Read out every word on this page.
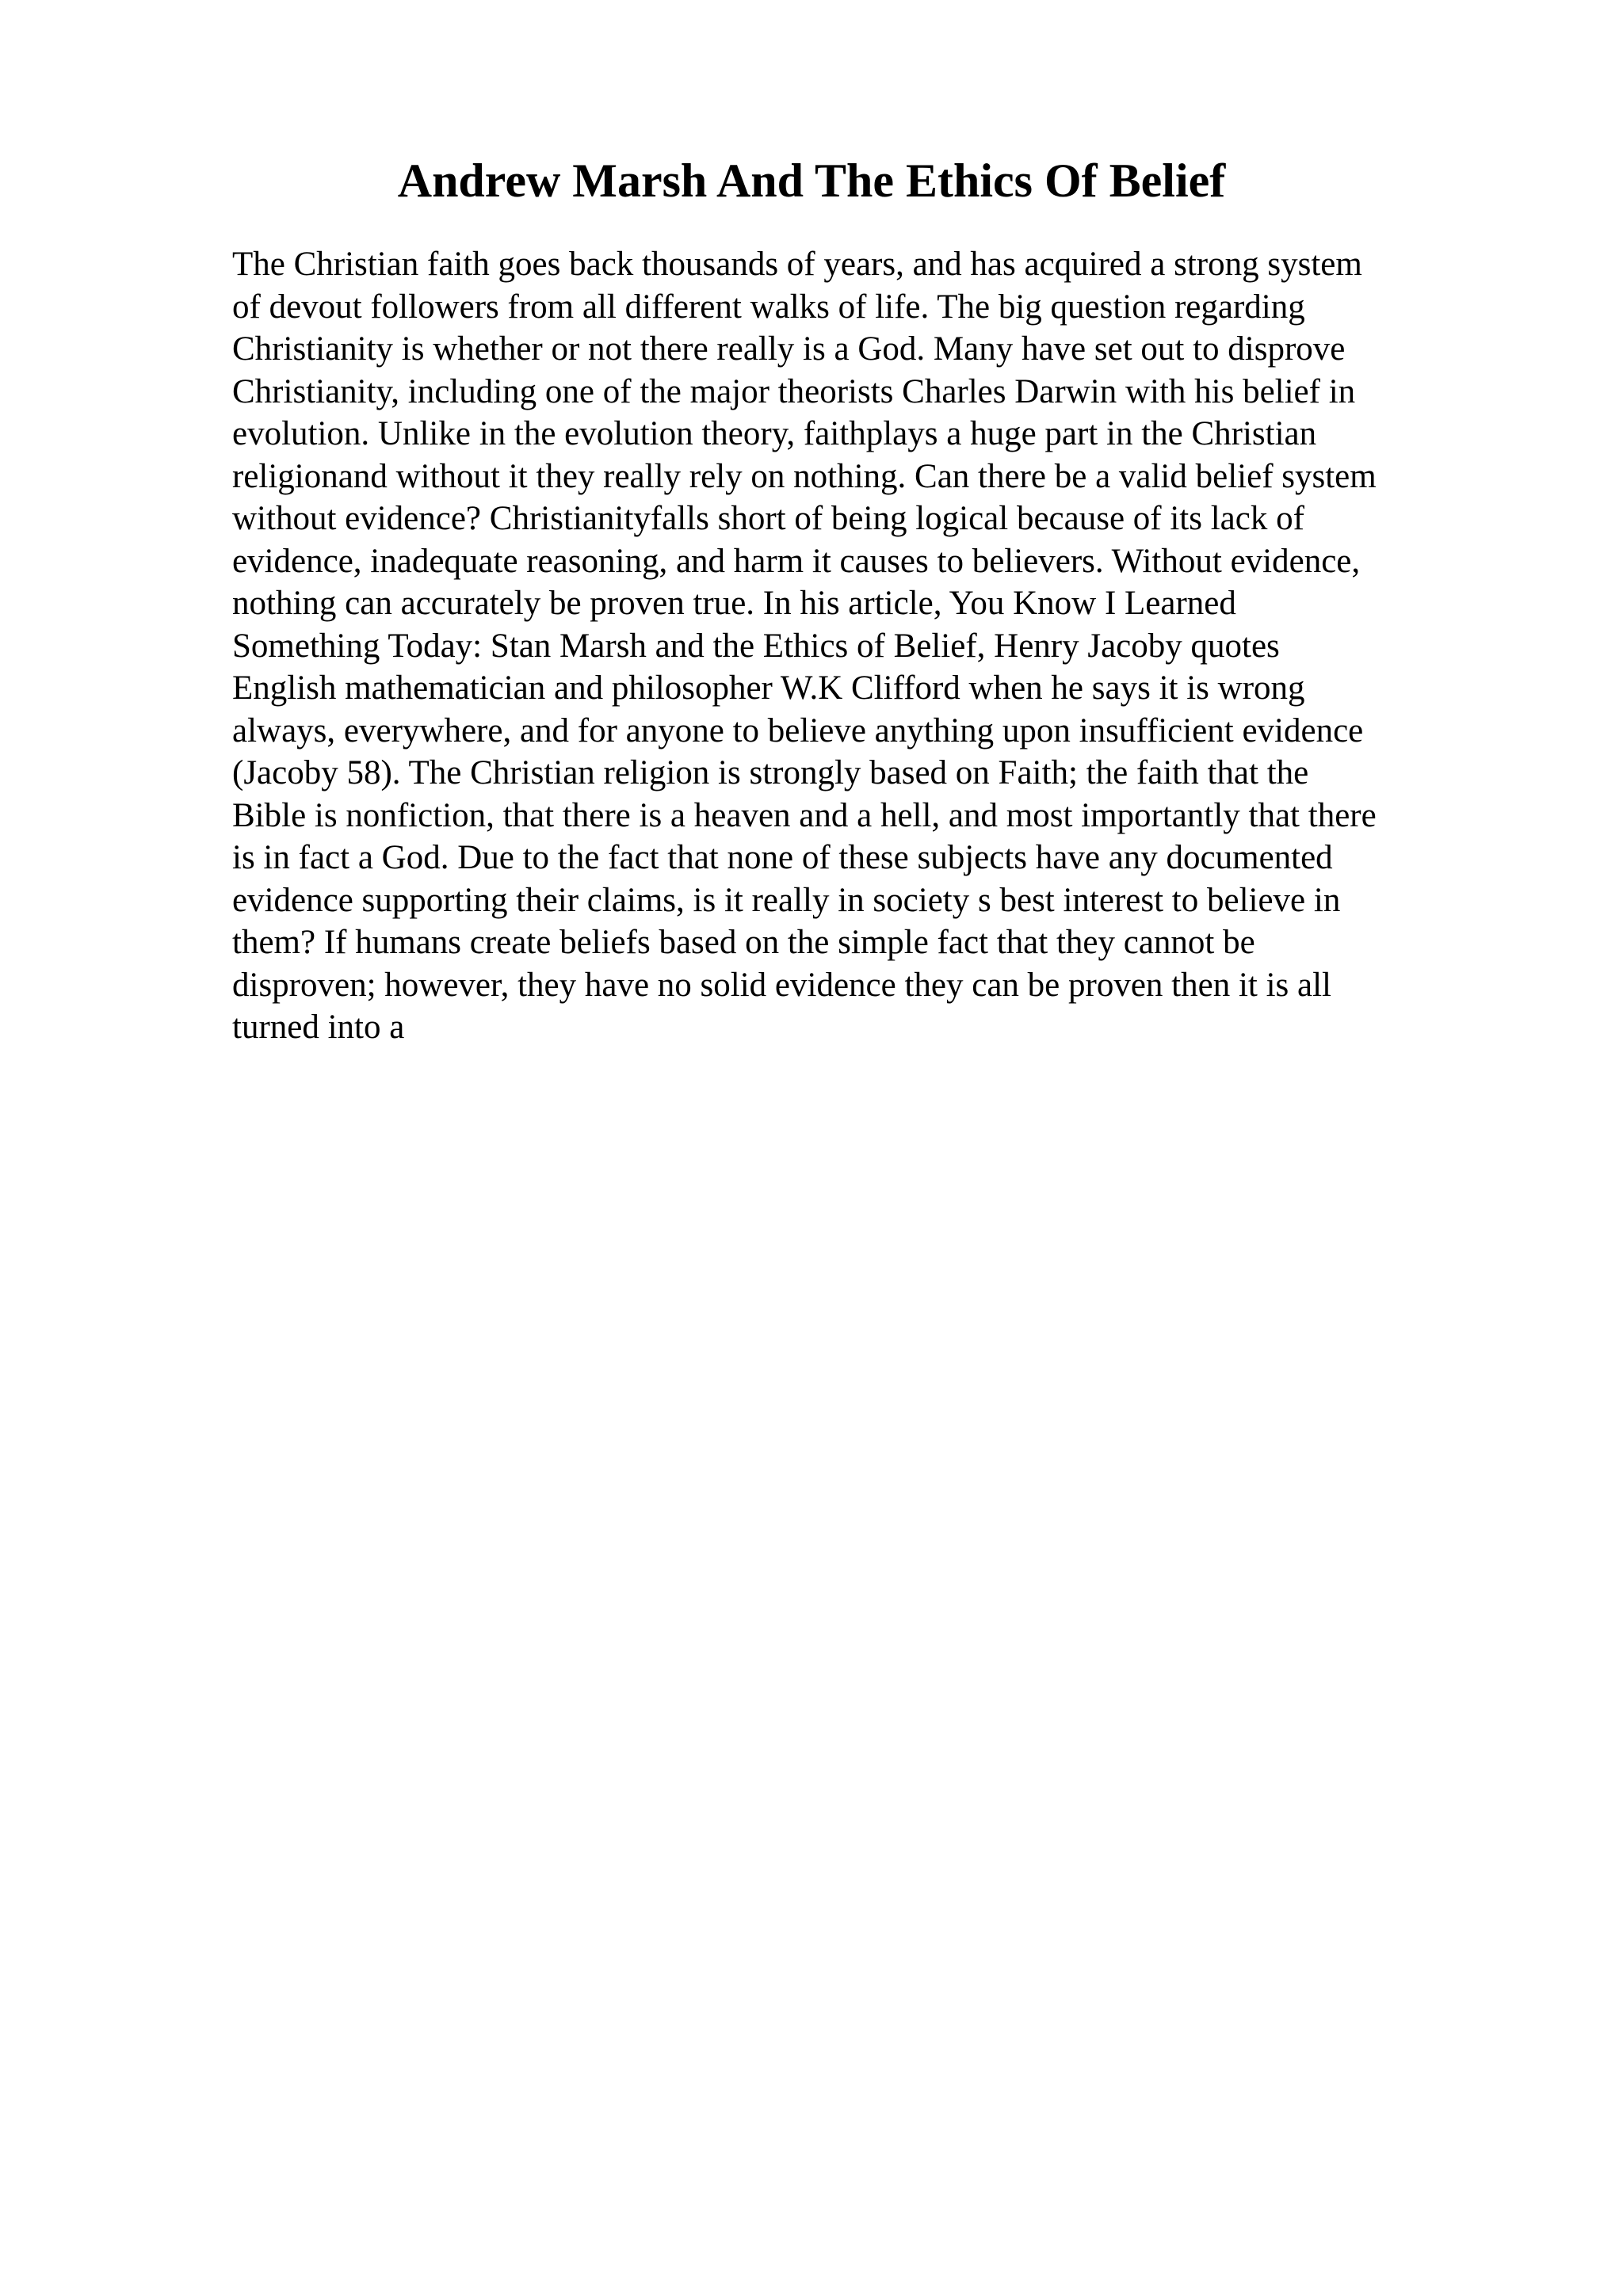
Andrew Marsh And The Ethics Of Belief
The Christian faith goes back thousands of years, and has acquired a strong system
of devout followers from all different walks of life. The big question regarding
Christianity is whether or not there really is a God. Many have set out to disprove
Christianity, including one of the major theorists Charles Darwin with his belief in
evolution. Unlike in the evolution theory, faithplays a huge part in the Christian
religionand without it they really rely on nothing. Can there be a valid belief system
without evidence? Christianityfalls short of being logical because of its lack of
evidence, inadequate reasoning, and harm it causes to believers. Without evidence,
nothing can accurately be proven true. In his article, You Know I Learned
Something Today: Stan Marsh and the Ethics of Belief, Henry Jacoby quotes
English mathematician and philosopher W.K Clifford when he says it is wrong
always, everywhere, and for anyone to believe anything upon insufficient evidence
(Jacoby 58). The Christian religion is strongly based on Faith; the faith that the
Bible is nonfiction, that there is a heaven and a hell, and most importantly that there
is in fact a God. Due to the fact that none of these subjects have any documented
evidence supporting their claims, is it really in society s best interest to believe in
them? If humans create beliefs based on the simple fact that they cannot be
disproven; however, they have no solid evidence they can be proven then it is all
turned into a
